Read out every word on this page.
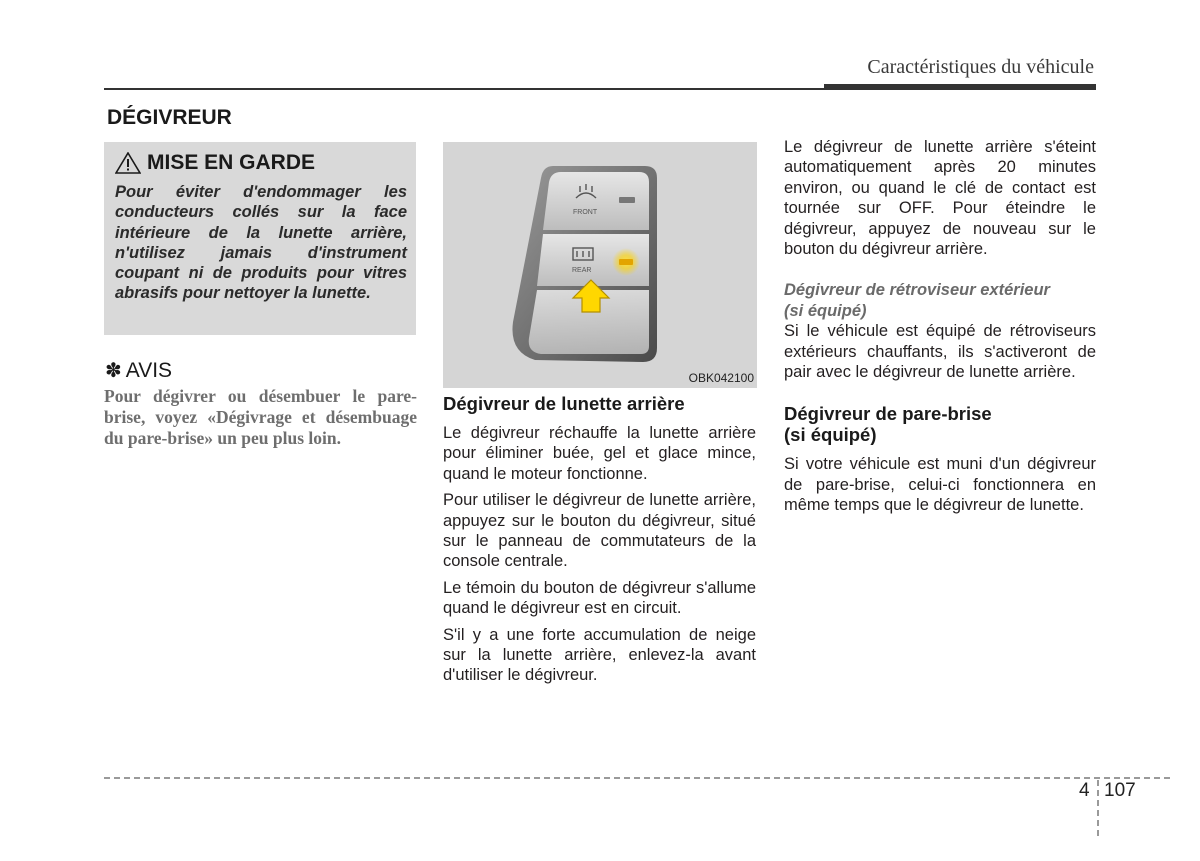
Caractéristiques du véhicule
DÉGIVREUR
MISE EN GARDE
Pour éviter d'endommager les conducteurs collés sur la face intérieure de la lunette arrière, n'utilisez jamais d'instrument coupant ni de produits pour vitres abrasifs pour nettoyer la lunette.
✽ AVIS
Pour dégivrer ou désembuer le pare-brise, voyez «Dégivrage et désembuage du pare-brise» un peu plus loin.
FRONT
REAR
OBK042100
Dégivreur de lunette arrière
Le dégivreur réchauffe la lunette arrière pour éliminer buée, gel et glace mince, quand le moteur fonctionne.
Pour utiliser le dégivreur de lunette arrière, appuyez sur le bouton du dégivreur, situé sur le panneau de commutateurs de la console centrale.
Le témoin du bouton de dégivreur s'allume quand le dégivreur est en circuit.
S'il y a une forte accumulation de neige sur la lunette arrière, enlevez-la avant d'utiliser le dégivreur.
Le dégivreur de lunette arrière s'éteint automatiquement après 20 minutes environ, ou quand le clé de contact est tournée sur OFF. Pour éteindre le dégivreur, appuyez de nouveau sur le bouton du dégivreur arrière.
Dégivreur de rétroviseur extérieur
(si équipé)
Si le véhicule est équipé de rétroviseurs extérieurs chauffants, ils s'activeront de pair avec le dégivreur de lunette arrière.
Dégivreur de pare-brise
(si équipé)
Si votre véhicule est muni d'un dégivreur de pare-brise, celui-ci fonctionnera en même temps que le dégivreur de lunette.
4 107
